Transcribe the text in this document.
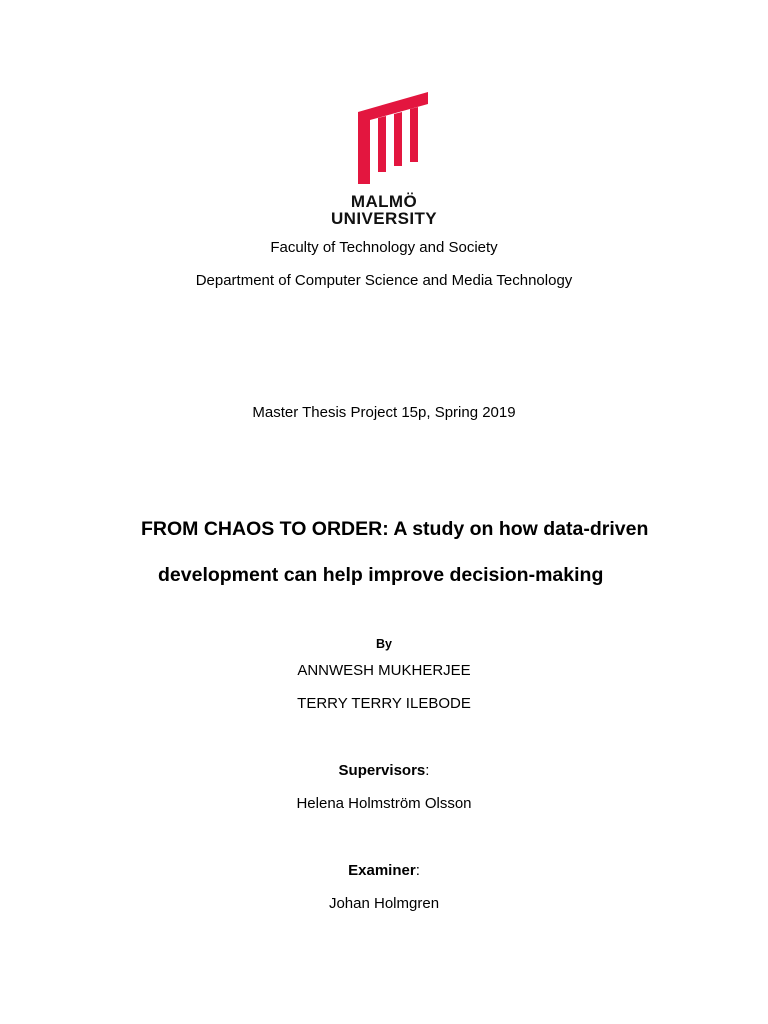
MALMÖ
UNIVERSITY
Faculty of Technology and Society
Department of Computer Science and Media Technology
Master Thesis Project 15p, Spring 2019
FROM CHAOS TO ORDER: A study on how data-driven
development can help improve decision-making
By
ANNWESH MUKHERJEE
TERRY TERRY ILEBODE
Supervisors:
Helena Holmström Olsson
Examiner:
Johan Holmgren
